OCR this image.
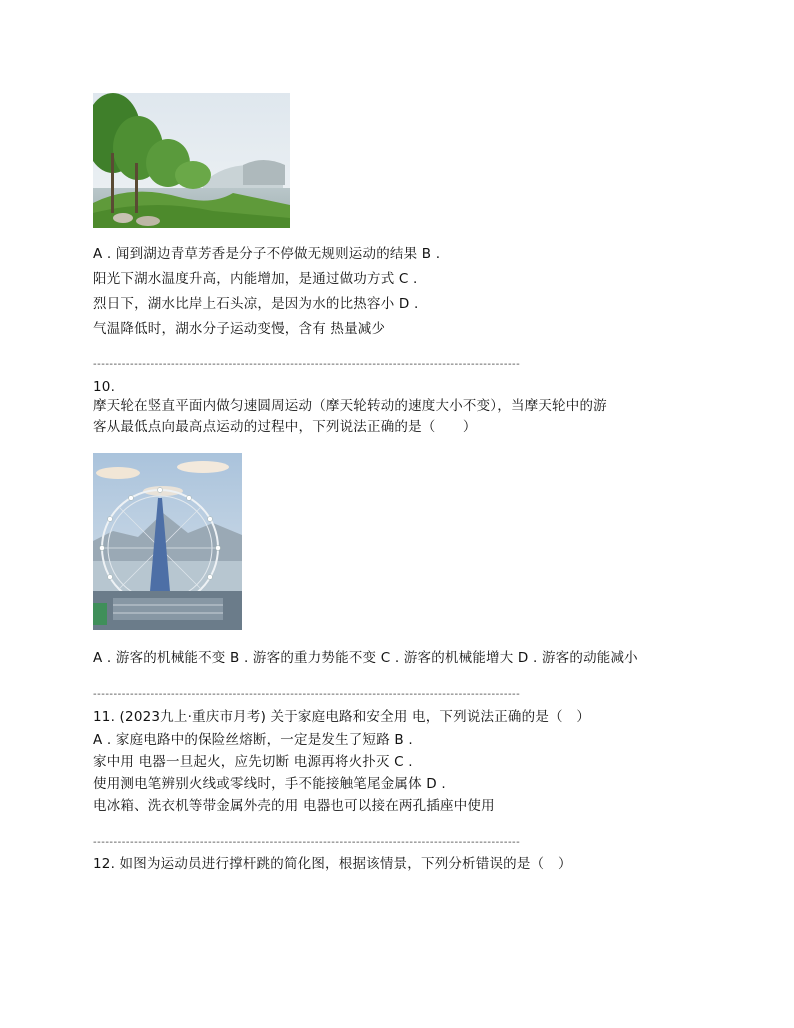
A . 闻到湖边青草芳香是分子不停做无规则运动的结果 B .
阳光下湖水温度升高，内能增加，是通过做功方式 C .
烈日下，湖水比岸上石头凉，是因为水的比热容小 D .
气温降低时，湖水分子运动变慢，含有 热量减少
--------------------------------------------------------------------------------------------------------
10.
摩天轮在竖直平面内做匀速圆周运动（摩天轮转动的速度大小不变），当摩天轮中的游
客从最低点向最高点运动的过程中，下列说法正确的是（　　）
A . 游客的机械能不变 B . 游客的重力势能不变 C . 游客的机械能增大 D . 游客的动能减小
--------------------------------------------------------------------------------------------------------
11. (2023九上·重庆市月考) 关于家庭电路和安全用 电，下列说法正确的是（　）
A . 家庭电路中的保险丝熔断，一定是发生了短路 B .
家中用 电器一旦起火，应先切断 电源再将火扑灭 C .
使用测电笔辨别火线或零线时，手不能接触笔尾金属体 D .
电冰箱、洗衣机等带金属外壳的用 电器也可以接在两孔插座中使用
--------------------------------------------------------------------------------------------------------
12. 如图为运动员进行撑杆跳的简化图，根据该情景，下列分析错误的是（　）
